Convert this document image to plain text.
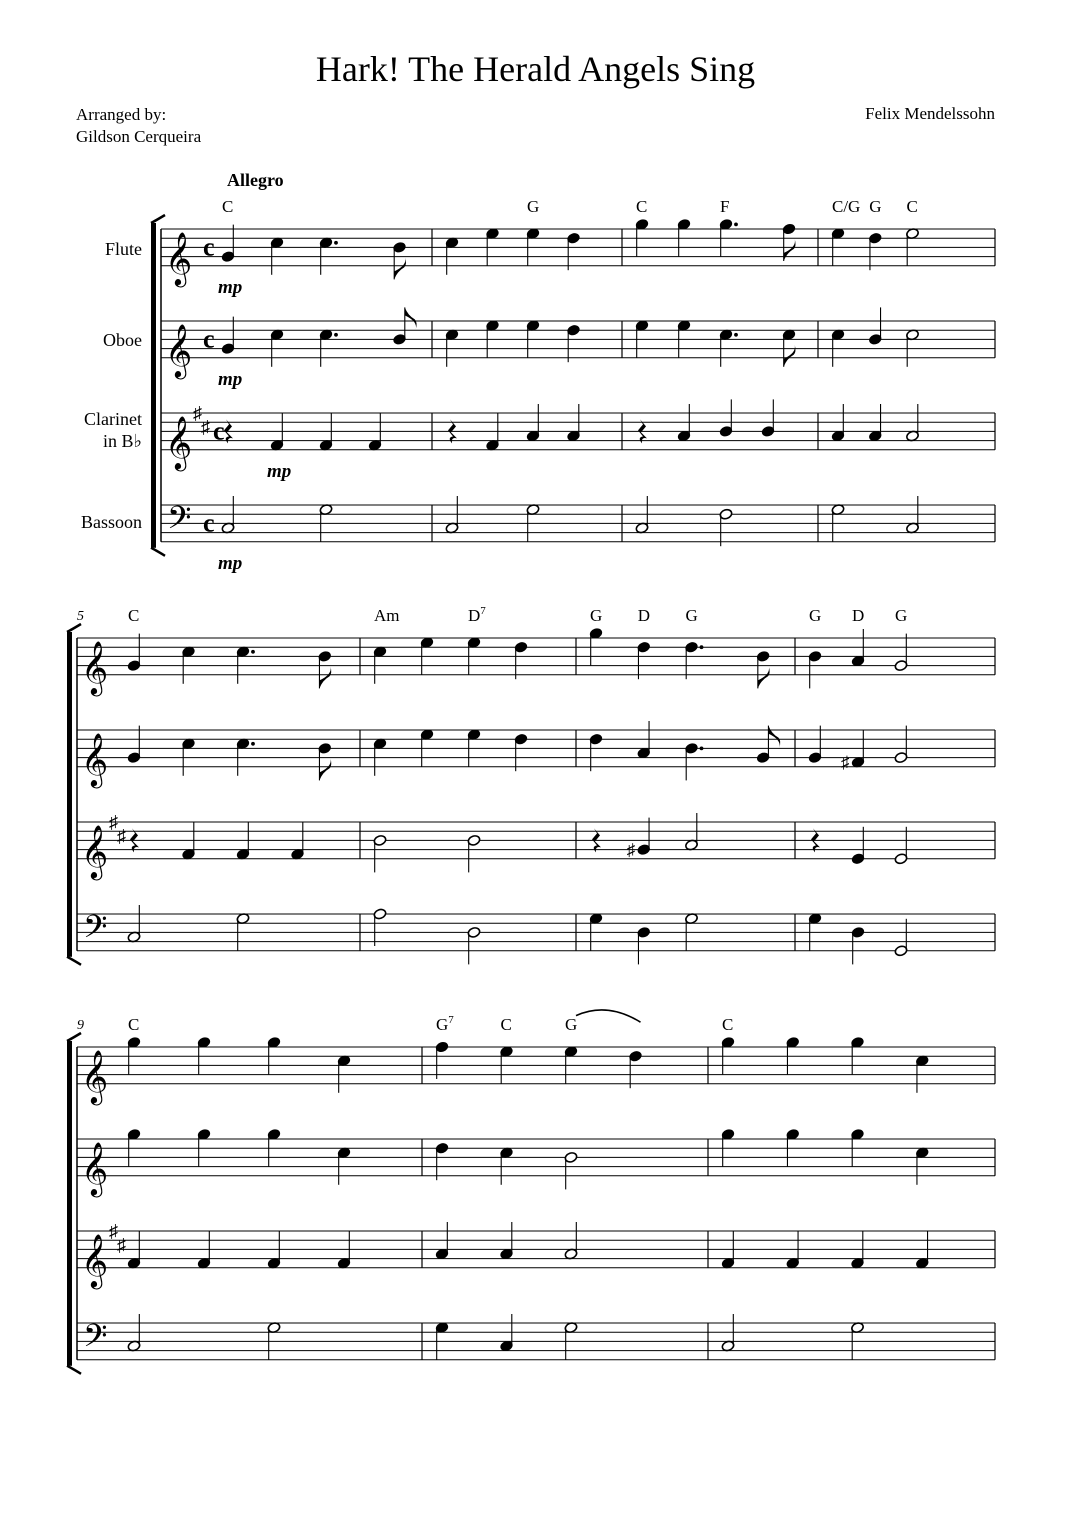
Hark! The Herald Angels Sing
Arranged by:
Gildson Cerqueira
Felix Mendelssohn
Allegro
Flute
Oboe
Clarinet
in B♭
Bassoon
𝄞 c
𝄞 c
𝄞
♯
♯ c
𝄢 c
C	G	C	F	C/G G C
𝄞
𝄞
𝄞
♯
♯
𝄢
♯
♯
C	Am	$D^7$	G D G	G D G
5
𝄞
𝄞
𝄞
♯
♯
𝄢
C	$G^7$	C	G	C
9
mp
mp
mp
mp
